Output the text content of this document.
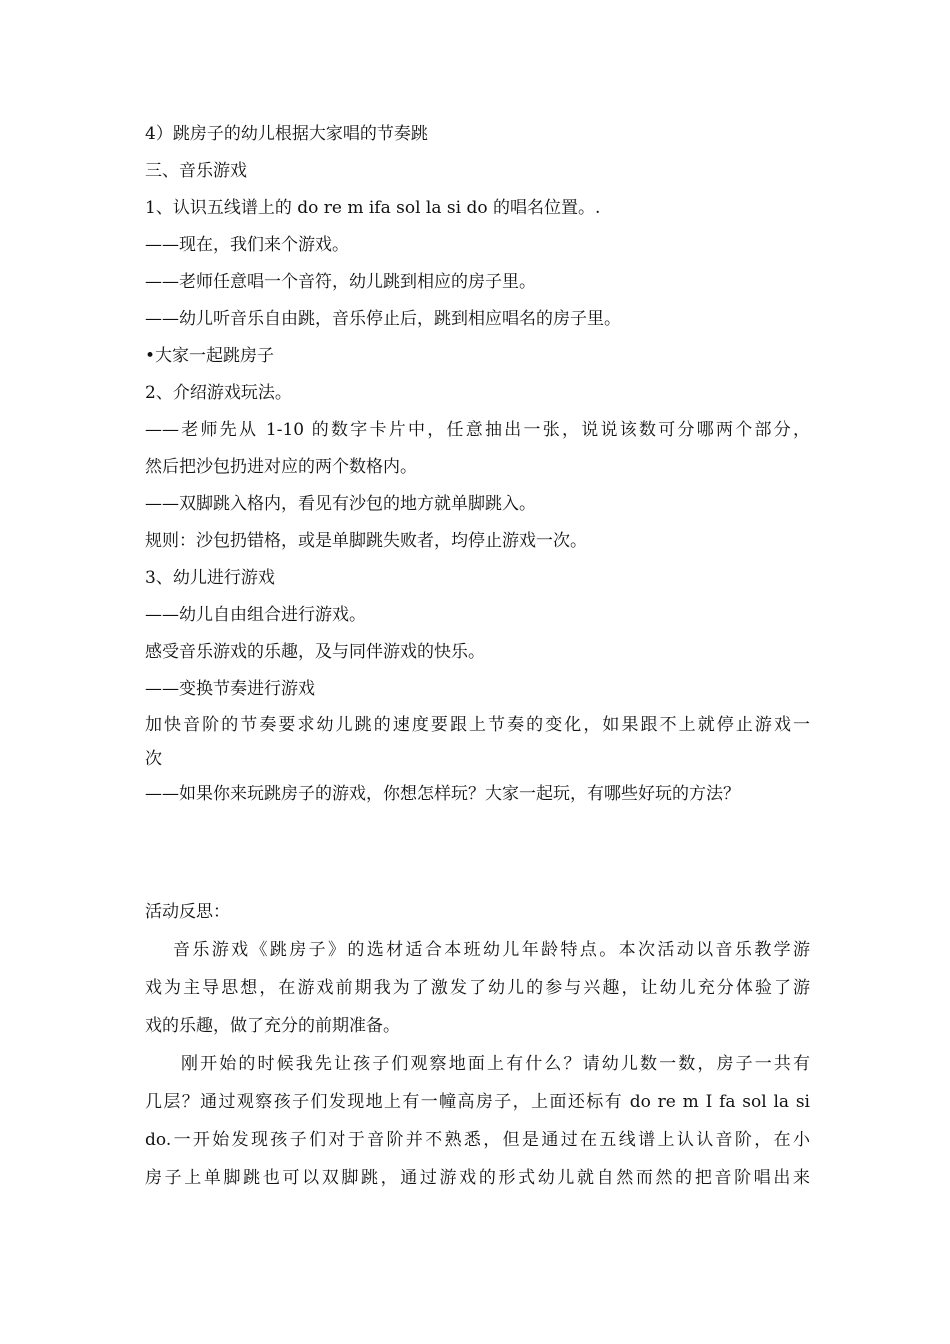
4）跳房子的幼儿根据大家唱的节奏跳
三、音乐游戏
1、认识五线谱上的 do re m ifa sol la si do 的唱名位置。.
——现在，我们来个游戏。
——老师任意唱一个音符，幼儿跳到相应的房子里。
——幼儿听音乐自由跳，音乐停止后，跳到相应唱名的房子里。
•大家一起跳房子
2、介绍游戏玩法。
——老师先从 1-10 的数字卡片中，任意抽出一张，说说该数可分哪两个部分，
然后把沙包扔进对应的两个数格内。
——双脚跳入格内，看见有沙包的地方就单脚跳入。
规则：沙包扔错格，或是单脚跳失败者，均停止游戏一次。
3、幼儿进行游戏
——幼儿自由组合进行游戏。
感受音乐游戏的乐趣，及与同伴游戏的快乐。
——变换节奏进行游戏
加快音阶的节奏要求幼儿跳的速度要跟上节奏的变化，如果跟不上就停止游戏一
次
——如果你来玩跳房子的游戏，你想怎样玩？大家一起玩，有哪些好玩的方法？
活动反思：
音乐游戏《跳房子》的选材适合本班幼儿年龄特点。本次活动以音乐教学游
戏为主导思想，在游戏前期我为了激发了幼儿的参与兴趣，让幼儿充分体验了游
戏的乐趣，做了充分的前期准备。
刚开始的时候我先让孩子们观察地面上有什么？请幼儿数一数，房子一共有
几层？通过观察孩子们发现地上有一幢高房子，上面还标有 do re m I fa sol la si
do.一开始发现孩子们对于音阶并不熟悉，但是通过在五线谱上认认音阶，在小
房子上单脚跳也可以双脚跳，通过游戏的形式幼儿就自然而然的把音阶唱出来
